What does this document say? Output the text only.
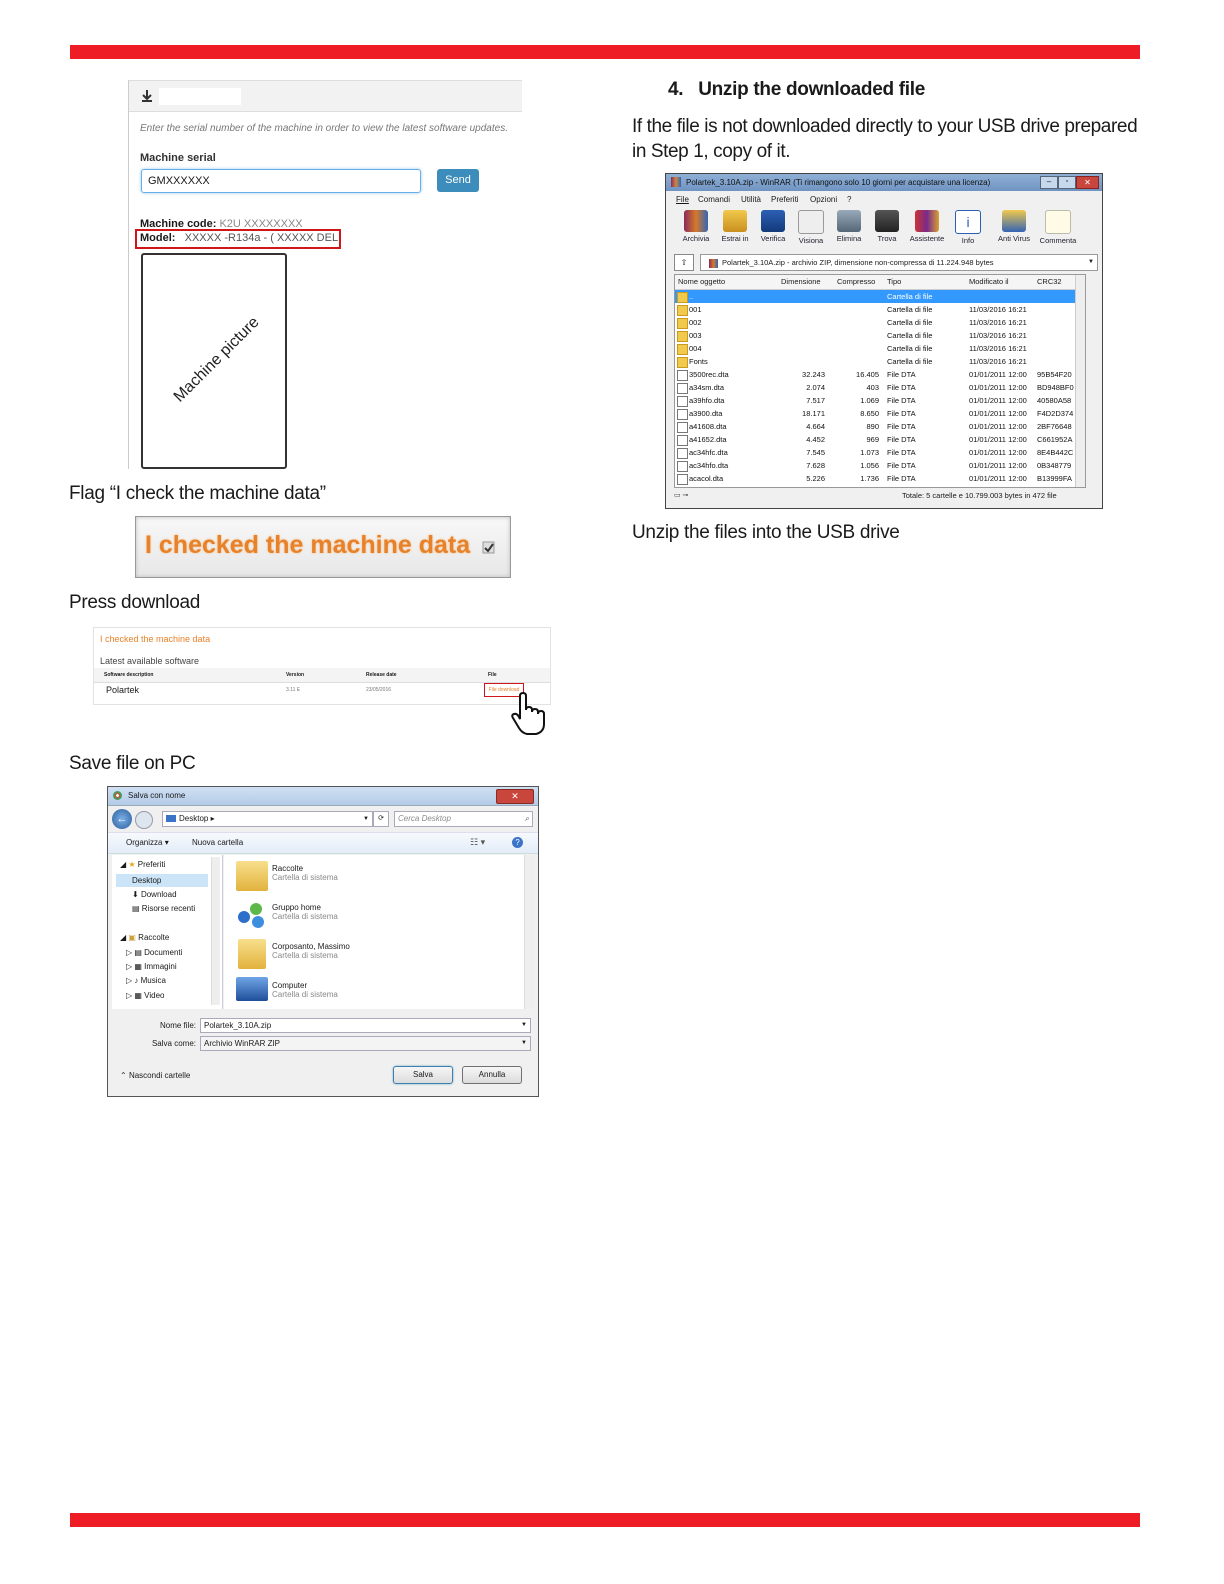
Enter the serial number of the machine in order to view the latest software updates.
Machine serial
GMXXXXXX	Send
Machine code: K2U XXXXXXXX
Model: XXXXX -R134a - ( XXXXX DEL
Machine picture
Flag “I check the machine data”
I checked the machine data
Press download
I checked the machine data
Latest available software
Software description	Version	Release date	File
Polartek	3.11 E	23/05/2016	File download
Save file on PC
Salva con nome	✕
←	Desktop ▸	▼	⟳	Cerca Desktop	⌕
Organizza ▾	Nuova cartella	☷ ▾	?
◢ ★ Preferiti
Desktop
⬇ Download
▤ Risorse recenti
◢ ▣ Raccolte
▷ ▤ Documenti
▷ ▦ Immagini
▷ ♪ Musica
▷ ▦ Video
Raccolte
Cartella di sistema
Gruppo home
Cartella di sistema
Corposanto, Massimo
Cartella di sistema
Computer
Cartella di sistema
Nome file:	Polartek_3.10A.zip	▼
Salva come:	Archivio WinRAR ZIP	▼
⌃ Nascondi cartelle	Salva	Annulla
4. Unzip the downloaded file
If the file is not downloaded directly to your USB drive prepared in Step 1, copy of it.
Polartek_3.10A.zip - WinRAR (Ti rimangono solo 10 giorni per acquistare una licenza)	–	▫	✕
File Comandi Utilità Preferiti Opzioni ?
Archivia	Estrai in	Verifica	Visiona	Elimina	Trova	Assistente
i
Info	Anti Virus	Commenta
⇧	Polartek_3.10A.zip - archivio ZIP, dimensione non-compressa di 11.224.948 bytes	▼
Nome oggetto	Dimensione Compresso Tipo	Modificato il	CRC32
..	Cartella di file
001	Cartella di file	11/03/2016 16:21
002	Cartella di file	11/03/2016 16:21
003	Cartella di file	11/03/2016 16:21
004	Cartella di file	11/03/2016 16:21
Fonts	Cartella di file	11/03/2016 16:21
3500rec.dta	32.243	16.405 File DTA	01/01/2011 12:00 95B54F20
a34sm.dta	2.074	403 File DTA	01/01/2011 12:00 BD948BF0
a39hfo.dta	7.517	1.069 File DTA	01/01/2011 12:00 40580A58
a3900.dta	18.171	8.650 File DTA	01/01/2011 12:00 F4D2D374
a41608.dta	4.664	890 File DTA	01/01/2011 12:00 2BF76648
a41652.dta	4.452	969 File DTA	01/01/2011 12:00 C661952A
ac34hfc.dta	7.545	1.073 File DTA	01/01/2011 12:00 8E4B442C
ac34hfo.dta	7.628	1.056 File DTA	01/01/2011 12:00 0B348779
acacol.dta	5.226	1.736 File DTA	01/01/2011 12:00 B13999FA
▭ ⊸	Totale: 5 cartelle e 10.799.003 bytes in 472 file
Unzip the files into the USB drive
